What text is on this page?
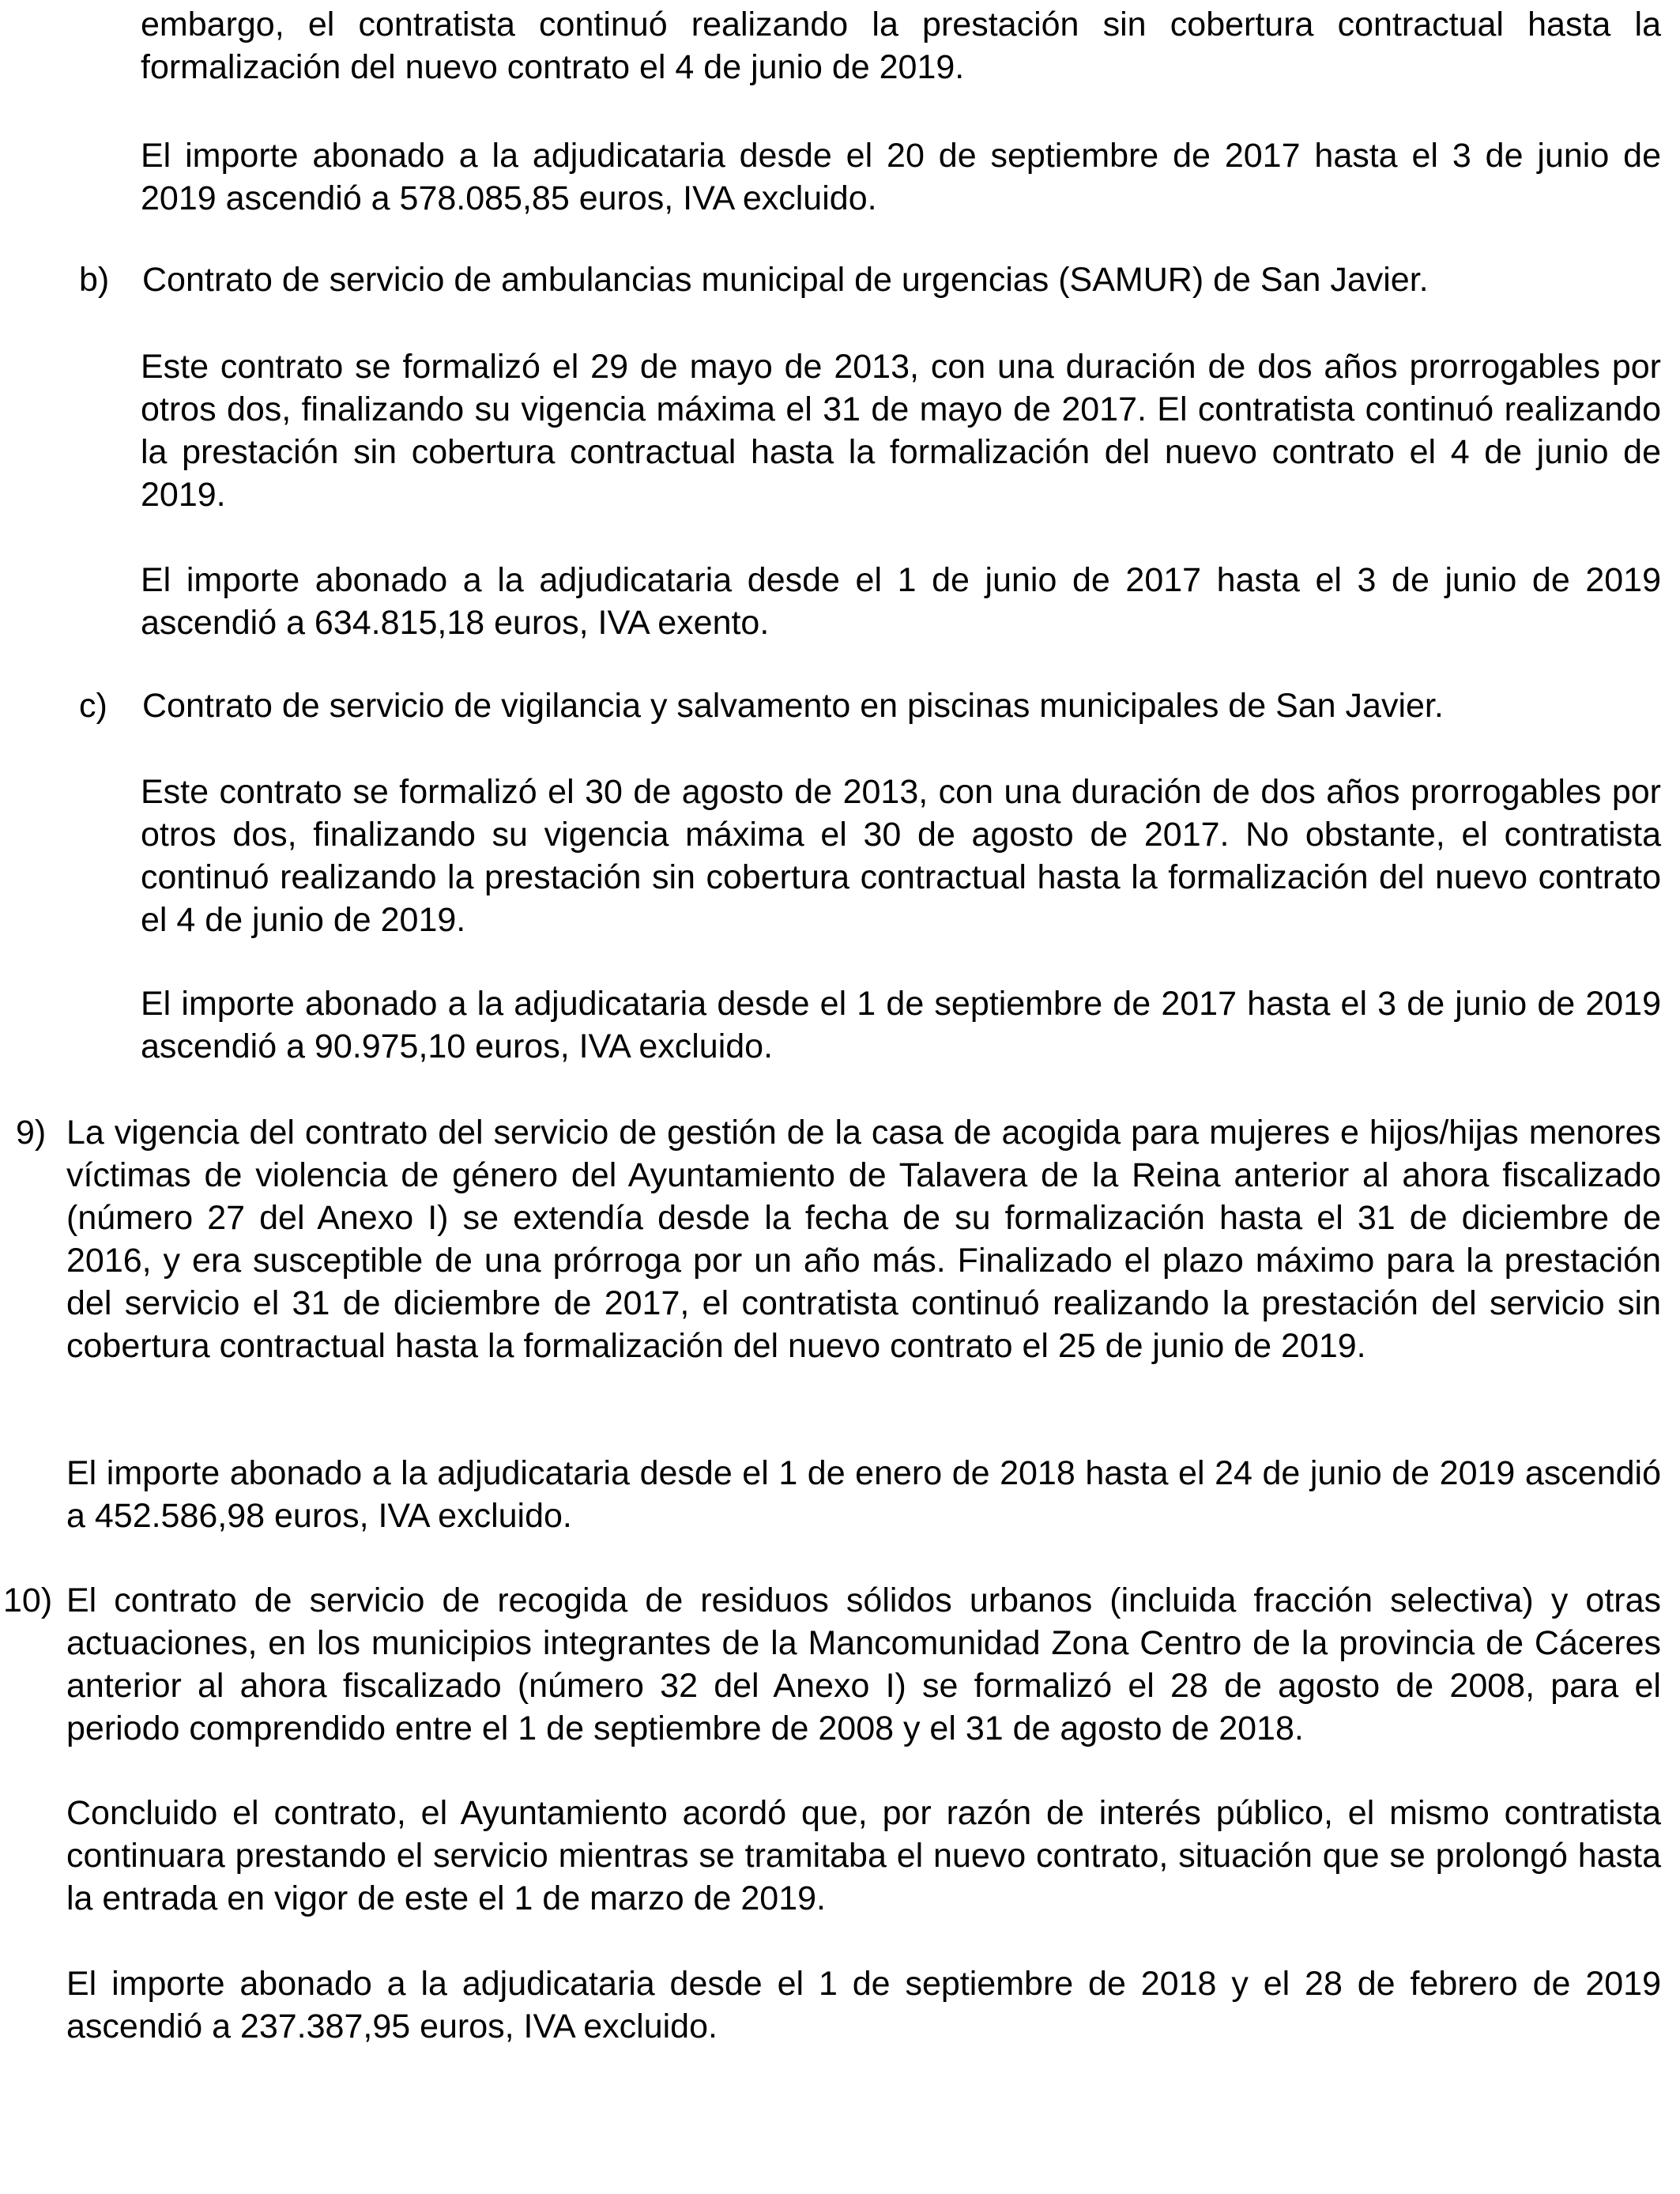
embargo, el contratista continuó realizando la prestación sin cobertura contractual hasta la formalización del nuevo contrato el 4 de junio de 2019.

El importe abonado a la adjudicataria desde el 20 de septiembre de 2017 hasta el 3 de junio de 2019 ascendió a 578.085,85 euros, IVA excluido.

b) Contrato de servicio de ambulancias municipal de urgencias (SAMUR) de San Javier.

Este contrato se formalizó el 29 de mayo de 2013, con una duración de dos años prorrogables por otros dos, finalizando su vigencia máxima el 31 de mayo de 2017. El contratista continuó realizando la prestación sin cobertura contractual hasta la formalización del nuevo contrato el 4 de junio de 2019.

El importe abonado a la adjudicataria desde el 1 de junio de 2017 hasta el 3 de junio de 2019 ascendió a 634.815,18 euros, IVA exento.

c) Contrato de servicio de vigilancia y salvamento en piscinas municipales de San Javier.

Este contrato se formalizó el 30 de agosto de 2013, con una duración de dos años prorrogables por otros dos, finalizando su vigencia máxima el 30 de agosto de 2017. No obstante, el contratista continuó realizando la prestación sin cobertura contractual hasta la formalización del nuevo contrato el 4 de junio de 2019.

El importe abonado a la adjudicataria desde el 1 de septiembre de 2017 hasta el 3 de junio de 2019 ascendió a 90.975,10 euros, IVA excluido.

9) La vigencia del contrato del servicio de gestión de la casa de acogida para mujeres e hijos/hijas menores víctimas de violencia de género del Ayuntamiento de Talavera de la Reina anterior al ahora fiscalizado (número 27 del Anexo I) se extendía desde la fecha de su formalización hasta el 31 de diciembre de 2016, y era susceptible de una prórroga por un año más. Finalizado el plazo máximo para la prestación del servicio el 31 de diciembre de 2017, el contratista continuó realizando la prestación del servicio sin cobertura contractual hasta la formalización del nuevo contrato el 25 de junio de 2019.

El importe abonado a la adjudicataria desde el 1 de enero de 2018 hasta el 24 de junio de 2019 ascendió a 452.586,98 euros, IVA excluido.

10) El contrato de servicio de recogida de residuos sólidos urbanos (incluida fracción selectiva) y otras actuaciones, en los municipios integrantes de la Mancomunidad Zona Centro de la provincia de Cáceres anterior al ahora fiscalizado (número 32 del Anexo I) se formalizó el 28 de agosto de 2008, para el periodo comprendido entre el 1 de septiembre de 2008 y el 31 de agosto de 2018.

Concluido el contrato, el Ayuntamiento acordó que, por razón de interés público, el mismo contratista continuara prestando el servicio mientras se tramitaba el nuevo contrato, situación que se prolongó hasta la entrada en vigor de este el 1 de marzo de 2019.

El importe abonado a la adjudicataria desde el 1 de septiembre de 2018 y el 28 de febrero de 2019 ascendió a 237.387,95 euros, IVA excluido.
